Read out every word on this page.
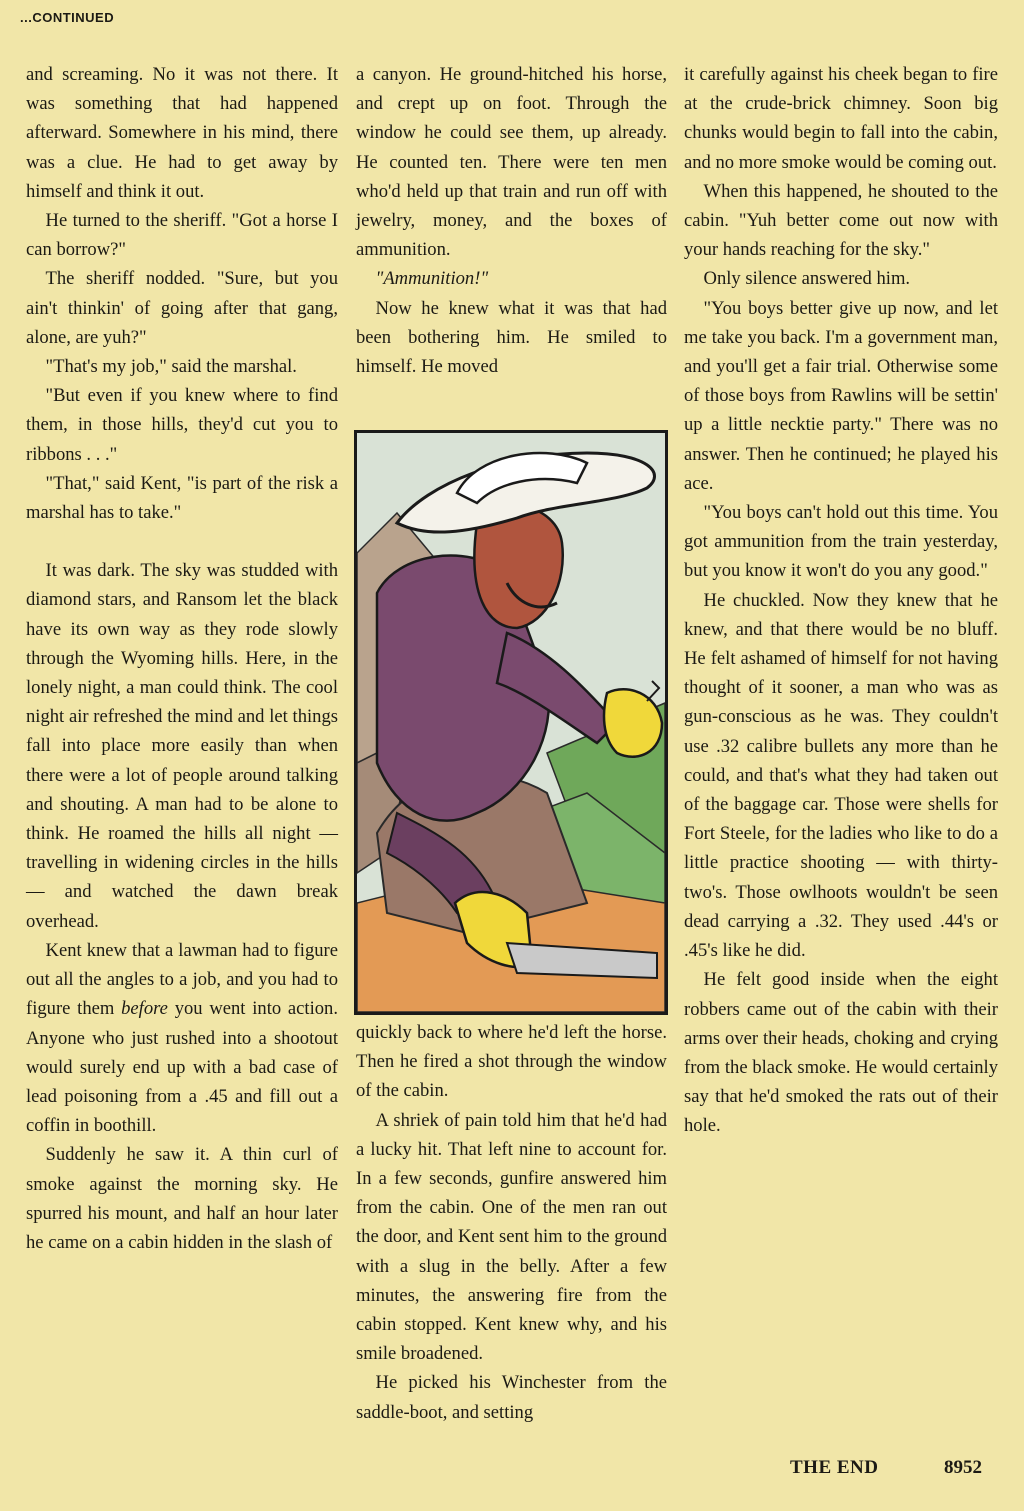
...CONTINUED

and screaming. No it was not there. It was something that had happened afterward. Somewhere in his mind, there was a clue. He had to get away by himself and think it out.

He turned to the sheriff. "Got a horse I can borrow?"

The sheriff nodded. "Sure, but you ain't thinkin' of going after that gang, alone, are yuh?"

"That's my job," said the marshal.

"But even if you knew where to find them, in those hills, they'd cut you to ribbons . . ."

"That," said Kent, "is part of the risk a marshal has to take."

It was dark. The sky was studded with diamond stars, and Ransom let the black have its own way as they rode slowly through the Wyoming hills. Here, in the lonely night, a man could think. The cool night air refreshed the mind and let things fall into place more easily than when there were a lot of people around talking and shouting. A man had to be alone to think. He roamed the hills all night — travelling in widening circles in the hills — and watched the dawn break overhead.

Kent knew that a lawman had to figure out all the angles to a job, and you had to figure them before you went into action. Anyone who just rushed into a shootout would surely end up with a bad case of lead poisoning from a .45 and fill out a coffin in boothill.

Suddenly he saw it. A thin curl of smoke against the morning sky. He spurred his mount, and half an hour later he came on a cabin hidden in the slash of

a canyon. He ground-hitched his horse, and crept up on foot. Through the window he could see them, up already. He counted ten. There were ten men who'd held up that train and run off with jewelry, money, and the boxes of ammunition.

"Ammunition!"

Now he knew what it was that had been bothering him. He smiled to himself. He moved

quickly back to where he'd left the horse. Then he fired a shot through the window of the cabin.

A shriek of pain told him that he'd had a lucky hit. That left nine to account for. In a few seconds, gunfire answered him from the cabin. One of the men ran out the door, and Kent sent him to the ground with a slug in the belly. After a few minutes, the answering fire from the cabin stopped. Kent knew why, and his smile broadened.

He picked his Winchester from the saddle-boot, and setting

it carefully against his cheek began to fire at the crude-brick chimney. Soon big chunks would begin to fall into the cabin, and no more smoke would be coming out.

When this happened, he shouted to the cabin. "Yuh better come out now with your hands reaching for the sky."

Only silence answered him.

"You boys better give up now, and let me take you back. I'm a government man, and you'll get a fair trial. Otherwise some of those boys from Rawlins will be settin' up a little necktie party." There was no answer. Then he continued; he played his ace.

"You boys can't hold out this time. You got ammunition from the train yesterday, but you know it won't do you any good."

He chuckled. Now they knew that he knew, and that there would be no bluff. He felt ashamed of himself for not having thought of it sooner, a man who was as gun-conscious as he was. They couldn't use .32 calibre bullets any more than he could, and that's what they had taken out of the baggage car. Those were shells for Fort Steele, for the ladies who like to do a little practice shooting — with thirty-two's. Those owlhoots wouldn't be seen dead carrying a .32. They used .44's or .45's like he did.

He felt good inside when the eight robbers came out of the cabin with their arms over their heads, choking and crying from the black smoke. He would certainly say that he'd smoked the rats out of their hole.

THE END	8952
